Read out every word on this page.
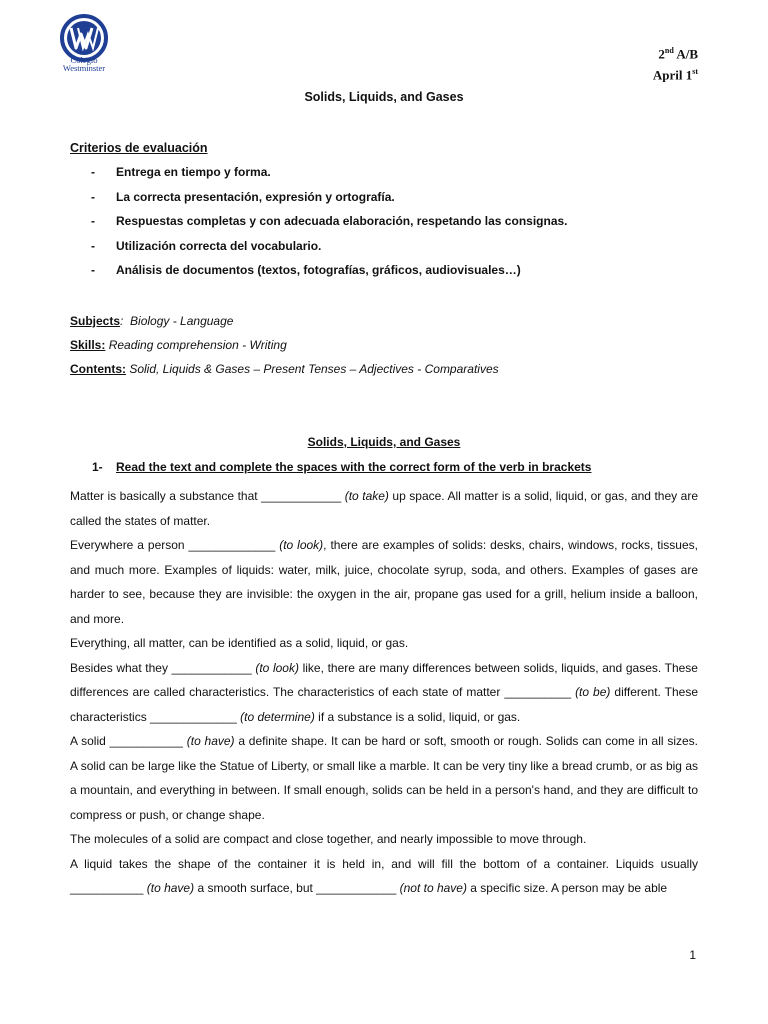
Colegio Westminster
2nd A/B
April 1st
Solids, Liquids, and Gases
Criterios de evaluación
- Entrega en tiempo y forma.
- La correcta presentación, expresión y ortografía.
- Respuestas completas y con adecuada elaboración, respetando las consignas.
- Utilización correcta del vocabulario.
- Análisis de documentos (textos, fotografías, gráficos, audiovisuales…)
Subjects:  Biology - Language
Skills: Reading comprehension - Writing
Contents: Solid, Liquids & Gases – Present Tenses – Adjectives - Comparatives
Solids, Liquids, and Gases
1- Read the text and complete the spaces with the correct form of the verb in brackets

Matter is basically a substance that ____________ (to take) up space. All matter is a solid, liquid, or gas, and they are called the states of matter.

Everywhere a person _____________ (to look), there are examples of solids: desks, chairs, windows, rocks, tissues, and much more. Examples of liquids: water, milk, juice, chocolate syrup, soda, and others. Examples of gases are harder to see, because they are invisible: the oxygen in the air, propane gas used for a grill, helium inside a balloon, and more.

Everything, all matter, can be identified as a solid, liquid, or gas.

Besides what they ____________ (to look) like, there are many differences between solids, liquids, and gases. These differences are called characteristics. The characteristics of each state of matter __________ (to be) different. These characteristics _____________ (to determine) if a substance is a solid, liquid, or gas.

A solid ___________ (to have) a definite shape. It can be hard or soft, smooth or rough. Solids can come in all sizes. A solid can be large like the Statue of Liberty, or small like a marble. It can be very tiny like a bread crumb, or as big as a mountain, and everything in between. If small enough, solids can be held in a person's hand, and they are difficult to compress or push, or change shape.

The molecules of a solid are compact and close together, and nearly impossible to move through.

A liquid takes the shape of the container it is held in, and will fill the bottom of a container. Liquids usually ___________ (to have) a smooth surface, but ____________ (not to have) a specific size. A person may be able

1
